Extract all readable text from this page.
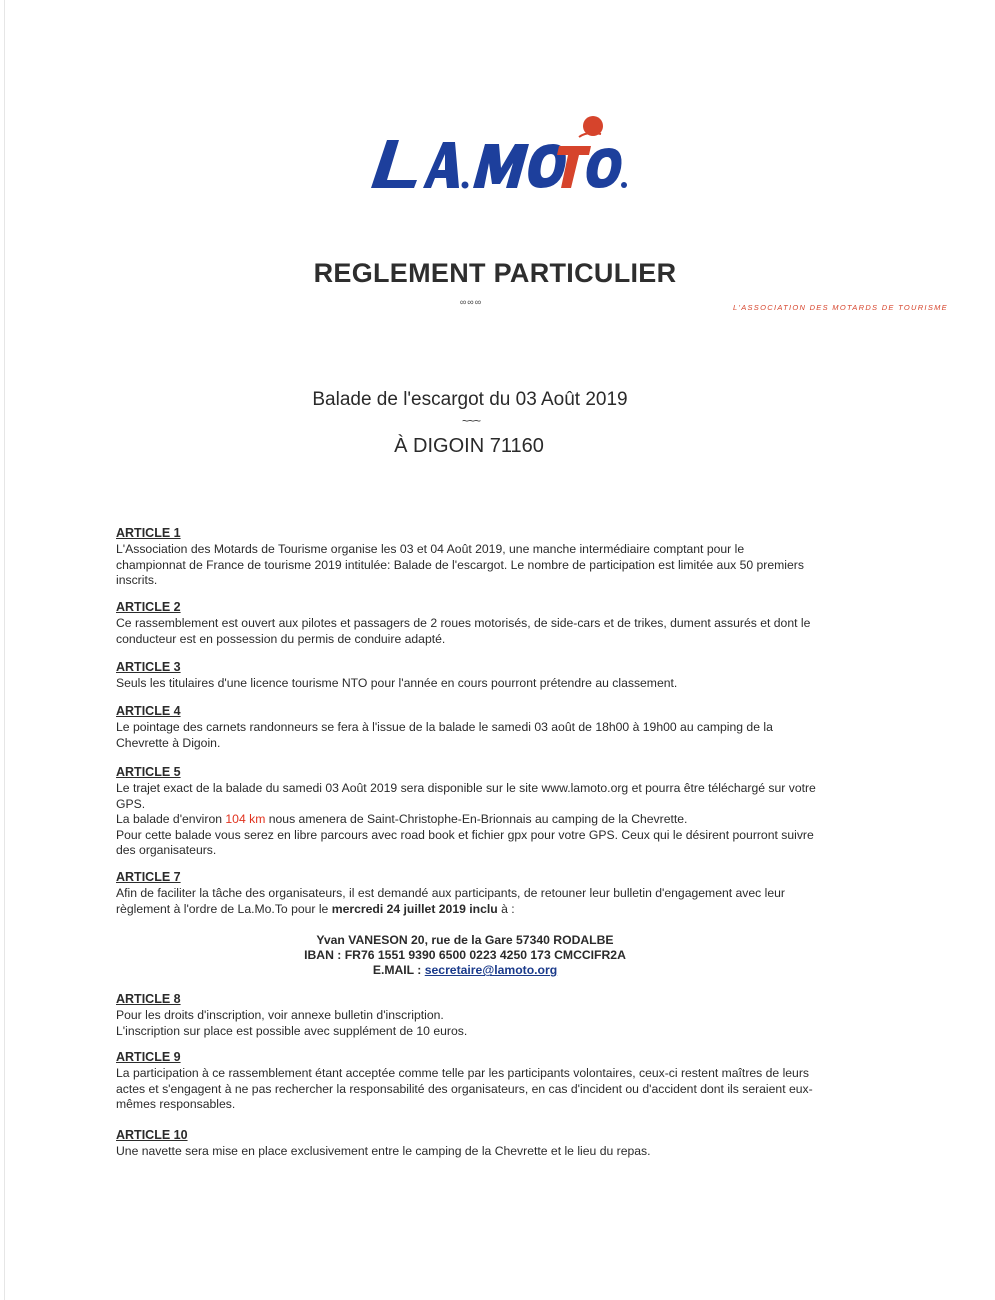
L'ASSOCIATION DES MOTARDS DE TOURISME
REGLEMENT PARTICULIER
∞∞∞
Balade de l'escargot du 03 Août 2019
~~~
À DIGOIN 71160
ARTICLE 1

L'Association des Motards de Tourisme organise les 03 et 04 Août 2019, une manche intermédiaire comptant pour le championnat de France de tourisme 2019 intitulée: Balade de l'escargot. Le nombre de participation est limitée aux 50 premiers inscrits.

ARTICLE 2

Ce rassemblement est ouvert aux pilotes et passagers de 2 roues motorisés, de side-cars et de trikes, dument assurés et dont le conducteur est en possession du permis de conduire adapté.

ARTICLE 3

Seuls les titulaires d'une licence tourisme NTO pour l'année en cours pourront prétendre au classement.

ARTICLE 4

Le pointage des carnets randonneurs se fera à l'issue de la balade le samedi 03 août de 18h00 à 19h00 au camping de la Chevrette à Digoin.

ARTICLE 5

Le trajet exact de la balade du samedi 03 Août 2019 sera disponible sur le site www.lamoto.org et pourra être téléchargé sur votre GPS.

La balade d'environ 104 km nous amenera de Saint-Christophe-En-Brionnais au camping de la Chevrette.

Pour cette balade vous serez en libre parcours avec road book et fichier gpx pour votre GPS. Ceux qui le désirent pourront suivre des organisateurs.

ARTICLE 7

Afin de faciliter la tâche des organisateurs, il est demandé aux participants, de retouner leur bulletin d'engagement avec leur règlement à l'ordre de La.Mo.To pour le mercredi 24 juillet 2019 inclu à :

Yvan VANESON 20, rue de la Gare 57340 RODALBE
IBAN : FR76 1551 9390 6500 0223 4250 173 CMCCIFR2A
E.MAIL : secretaire@lamoto.org
ARTICLE 8

Pour les droits d'inscription, voir annexe bulletin d'inscription.

L'inscription sur place est possible avec supplément de 10 euros.

ARTICLE 9

La participation à ce rassemblement étant acceptée comme telle par les participants volontaires, ceux-ci restent maîtres de leurs actes et s'engagent à ne pas rechercher la responsabilité des organisateurs, en cas d'incident ou d'accident dont ils seraient eux-mêmes responsables.

ARTICLE 10

Une navette sera mise en place exclusivement entre le camping de la Chevrette et le lieu du repas.
